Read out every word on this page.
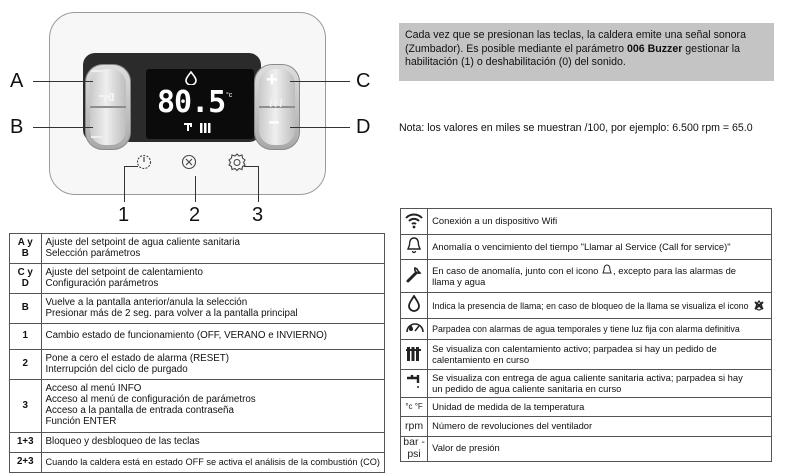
80.5 °c
+
−
A
B
C
D
1	2	3
Cada vez que se presionan las teclas, la caldera emite una señal sonora (Zumbador). Es posible mediante el parámetro 006 Buzzer gestionar la habilitación (1) o deshabilitación (0) del sonido.
Nota: los valores en miles se muestran /100, por ejemplo: 6.500 rpm = 65.0
A y B	Ajuste del setpoint de agua caliente sanitaria
Selección parámetros

C y D	Ajuste del setpoint de calentamiento
Configuración parámetros

B	Vuelve a la pantalla anterior/anula la selección
Presionar más de 2 seg. para volver a la pantalla principal

1	Cambio estado de funcionamiento (OFF, VERANO e INVIERNO)

2	Pone a cero el estado de alarma (RESET)
Interrupción del ciclo de purgado

3	Acceso al menú INFO
Acceso al menú de configuración de parámetros
Acceso a la pantalla de entrada contraseña
Función ENTER

1+3	Bloqueo y desbloqueo de las teclas

2+3	Cuando la caldera está en estado OFF se activa el análisis de la combustión (CO)

Conexión a un dispositivo Wifi

Anomalía o vencimiento del tiempo "Llamar al Service (Call for service)"

En caso de anomalía, junto con el icono , excepto para las alarmas de
llama y agua

Indica la presencia de llama; en caso de bloqueo de la llama se visualiza el icono

Parpadea con alarmas de agua temporales y tiene luz fija con alarma definitiva

Se visualiza con calentamiento activo; parpadea si hay un pedido de
calentamiento en curso

Se visualiza con entrega de agua caliente sanitaria activa; parpadea si hay
un pedido de agua caliente sanitaria en curso

°c °F	Unidad de medida de la temperatura

rpm	Número de revoluciones del ventilador

bar -psi	Valor de presión
